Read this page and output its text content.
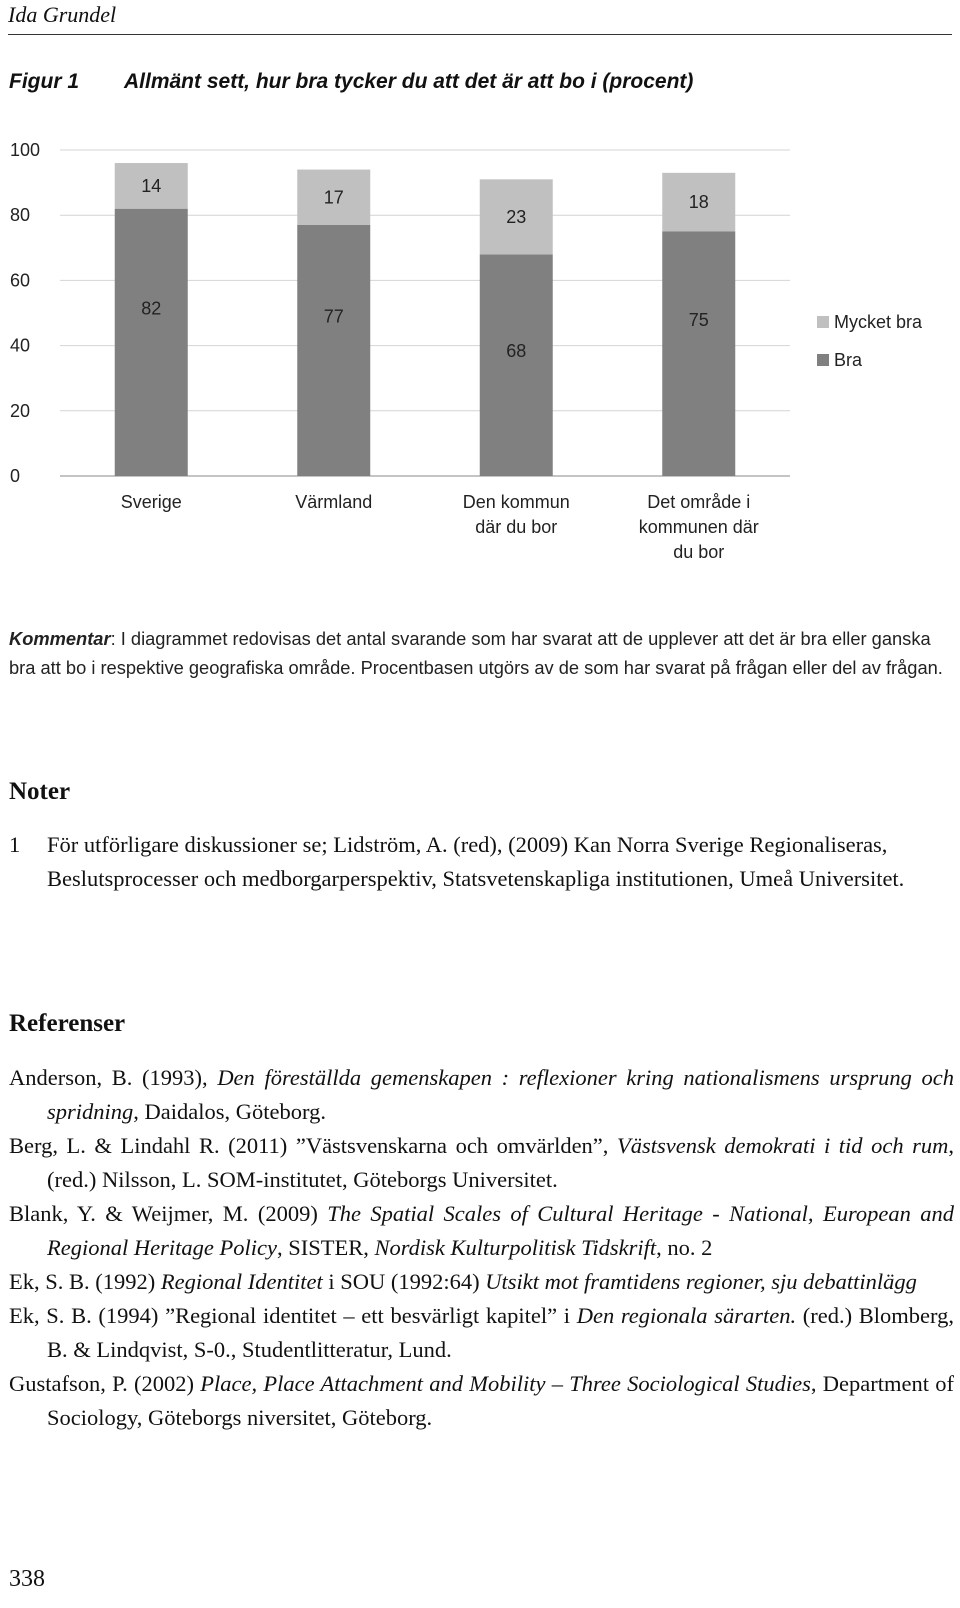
Ida Grundel
Figur 1 Allmänt sett, hur bra tycker du att det är att bo i (procent)
0
20
40
60
80
100
82
14
Sverige
77
17
Värmland
68
23
Den kommun
där du bor
75
18
Det område i
kommunen där
du bor
Mycket bra
Bra
Kommentar: I diagrammet redovisas det antal svarande som har svarat att de upplever att det är bra eller ganska bra att bo i respektive geografiska område. Procentbasen utgörs av de som har svarat på frågan eller del av frågan.
Noter
1 För utförligare diskussioner se; Lidström, A. (red), (2009) Kan Norra Sverige Regionaliseras, Beslutsprocesser och medborgarperspektiv, Statsvetenskapliga institutionen, Umeå Universitet.
Referenser

Anderson, B. (1993), Den föreställda gemenskapen : reflexioner kring nationalismens ursprung och spridning, Daidalos, Göteborg.

Berg, L. & Lindahl R. (2011) ”Västsvenskarna och omvärlden”, Västsvensk demokrati i tid och rum, (red.) Nilsson, L. SOM-institutet, Göteborgs Universitet.

Blank, Y. & Weijmer, M. (2009) The Spatial Scales of Cultural Heritage - National, European and Regional Heritage Policy, SISTER, Nordisk Kulturpolitisk Tidskrift, no. 2

Ek, S. B. (1992) Regional Identitet i SOU (1992:64) Utsikt mot framtidens regioner, sju debattinlägg

Ek, S. B. (1994) ”Regional identitet – ett besvärligt kapitel” i Den regionala särarten. (red.) Blomberg, B. & Lindqvist, S-0., Studentlitteratur, Lund.

Gustafson, P. (2002) Place, Place Attachment and Mobility – Three Sociological Studies, Department of Sociology, Göteborgs niversitet, Göteborg.

338
